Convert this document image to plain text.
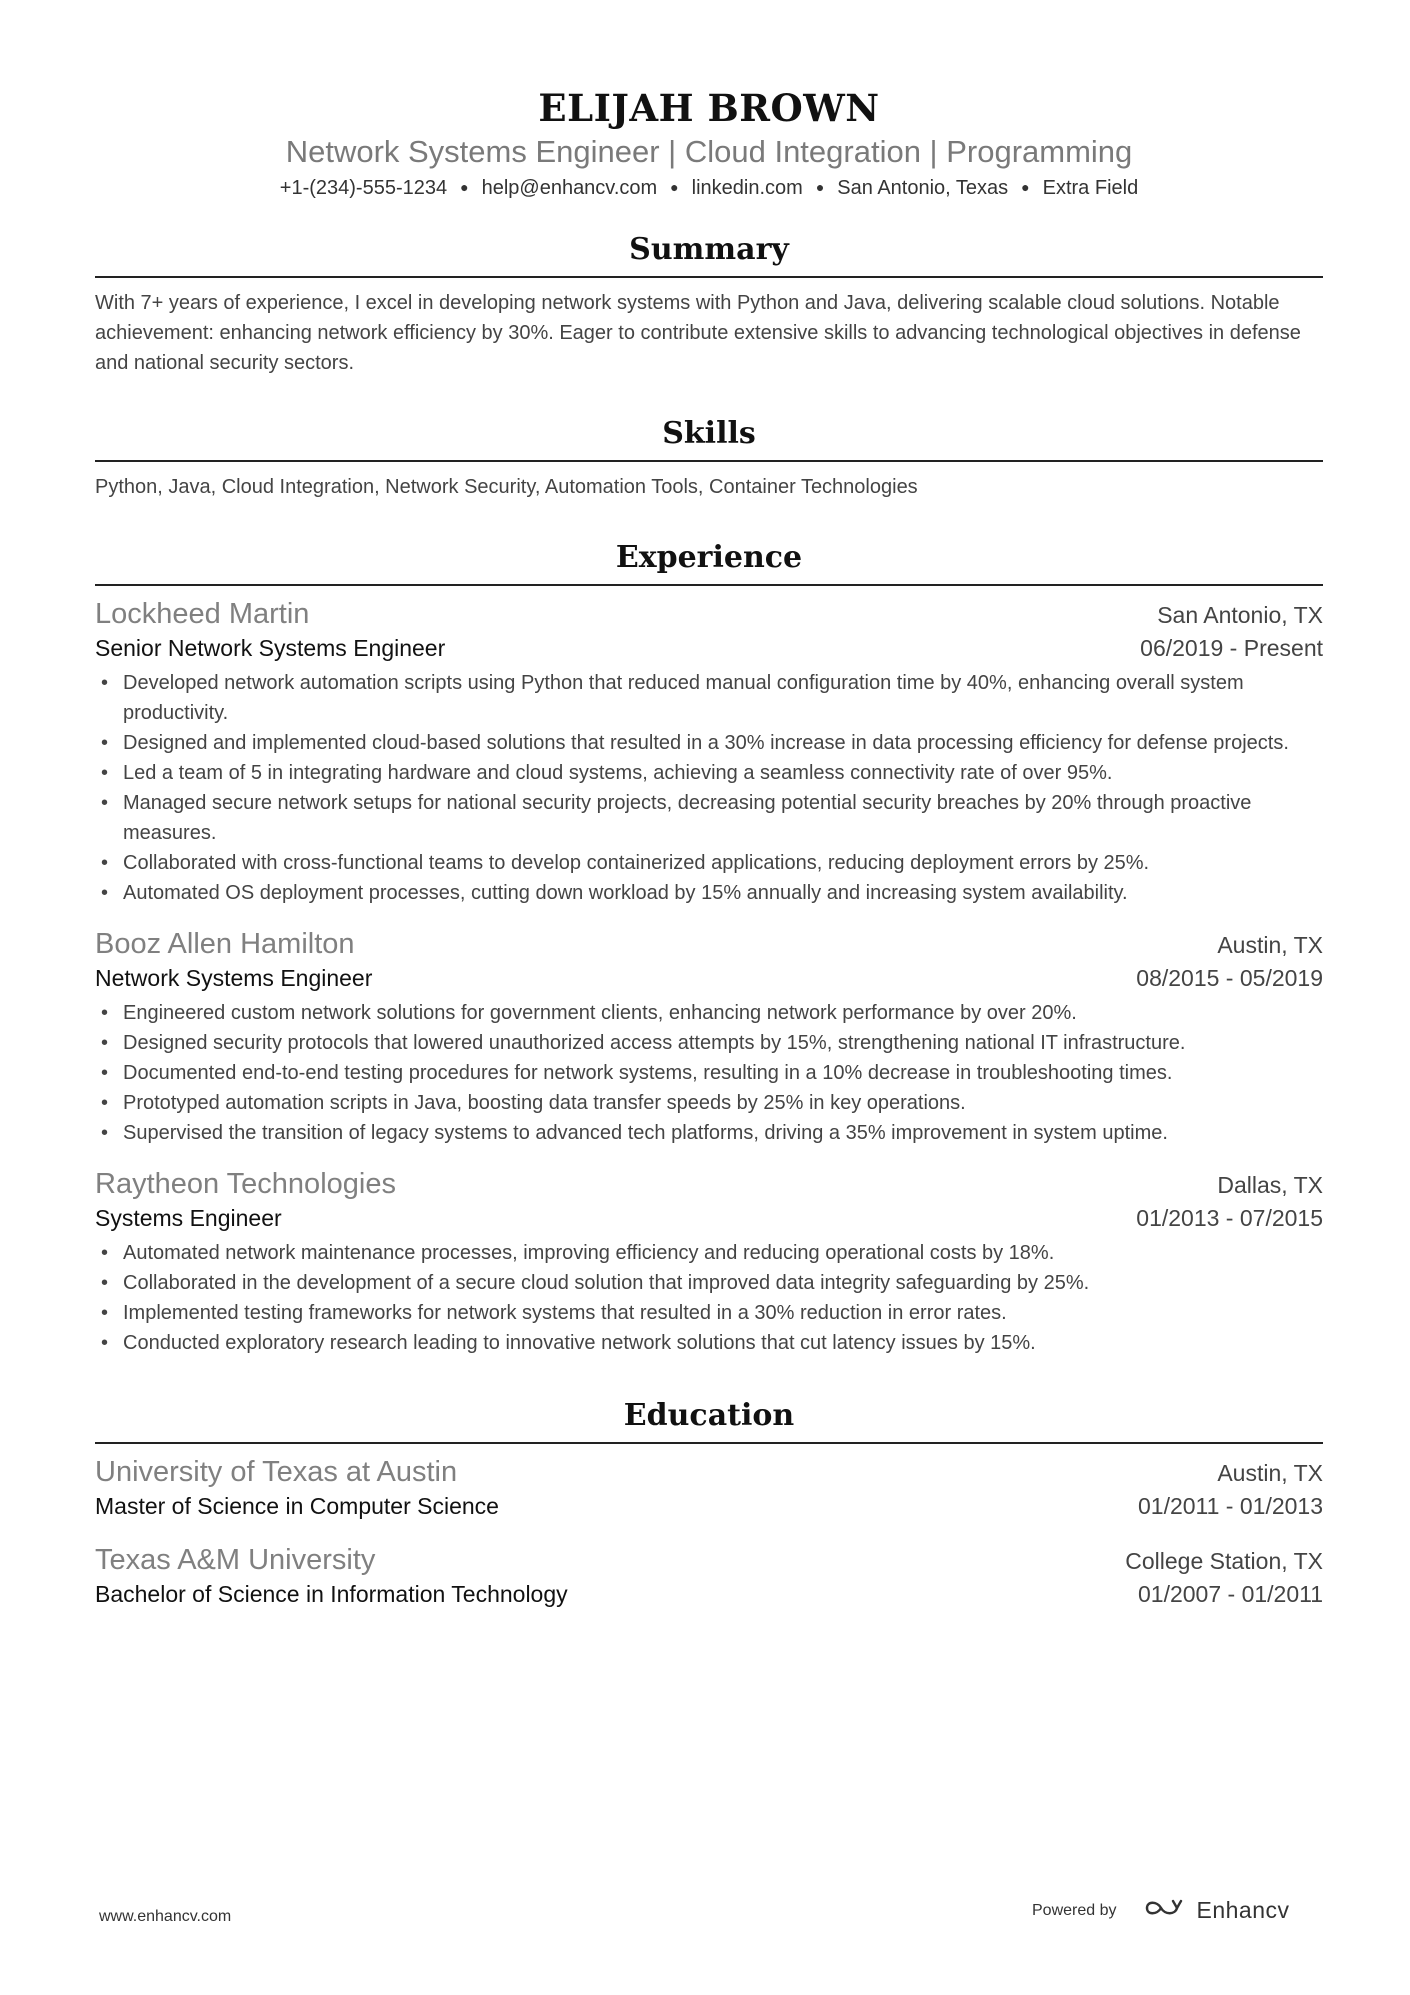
ELIJAH BROWN
Network Systems Engineer | Cloud Integration | Programming
+1-(234)-555-1234 ● help@enhancv.com ● linkedin.com ● San Antonio, Texas ● Extra Field
Summary
With 7+ years of experience, I excel in developing network systems with Python and Java, delivering scalable cloud solutions. Notable achievement: enhancing network efficiency by 30%. Eager to contribute extensive skills to advancing technological objectives in defense and national security sectors.
Skills
Python, Java, Cloud Integration, Network Security, Automation Tools, Container Technologies
Experience
Lockheed Martin	San Antonio, TX
Senior Network Systems Engineer	06/2019 - Present
• Developed network automation scripts using Python that reduced manual configuration time by 40%, enhancing overall system productivity.
• Designed and implemented cloud-based solutions that resulted in a 30% increase in data processing efficiency for defense projects.
• Led a team of 5 in integrating hardware and cloud systems, achieving a seamless connectivity rate of over 95%.
• Managed secure network setups for national security projects, decreasing potential security breaches by 20% through proactive measures.
• Collaborated with cross-functional teams to develop containerized applications, reducing deployment errors by 25%.
• Automated OS deployment processes, cutting down workload by 15% annually and increasing system availability.
Booz Allen Hamilton	Austin, TX
Network Systems Engineer	08/2015 - 05/2019
• Engineered custom network solutions for government clients, enhancing network performance by over 20%.
• Designed security protocols that lowered unauthorized access attempts by 15%, strengthening national IT infrastructure.
• Documented end-to-end testing procedures for network systems, resulting in a 10% decrease in troubleshooting times.
• Prototyped automation scripts in Java, boosting data transfer speeds by 25% in key operations.
• Supervised the transition of legacy systems to advanced tech platforms, driving a 35% improvement in system uptime.
Raytheon Technologies	Dallas, TX
Systems Engineer	01/2013 - 07/2015
• Automated network maintenance processes, improving efficiency and reducing operational costs by 18%.
• Collaborated in the development of a secure cloud solution that improved data integrity safeguarding by 25%.
• Implemented testing frameworks for network systems that resulted in a 30% reduction in error rates.
• Conducted exploratory research leading to innovative network solutions that cut latency issues by 15%.
Education
University of Texas at Austin	Austin, TX
Master of Science in Computer Science	01/2011 - 01/2013
Texas A&M University	College Station, TX
Bachelor of Science in Information Technology	01/2007 - 01/2011
www.enhancv.com	Powered by	Enhancv
